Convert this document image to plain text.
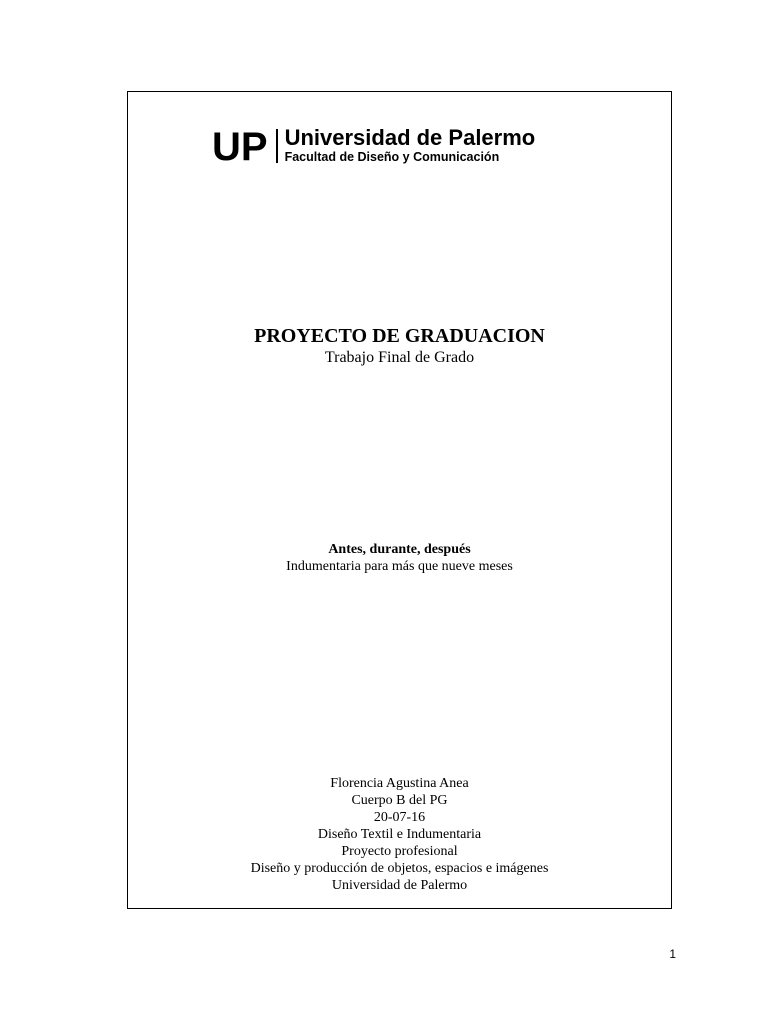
UP Universidad de Palermo
Facultad de Diseño y Comunicación
PROYECTO DE GRADUACION
Trabajo Final de Grado
Antes, durante, después
Indumentaria para más que nueve meses
Florencia Agustina Anea
Cuerpo B del PG
20-07-16
Diseño Textil e Indumentaria
Proyecto profesional
Diseño y producción de objetos, espacios e imágenes
Universidad de Palermo
1
